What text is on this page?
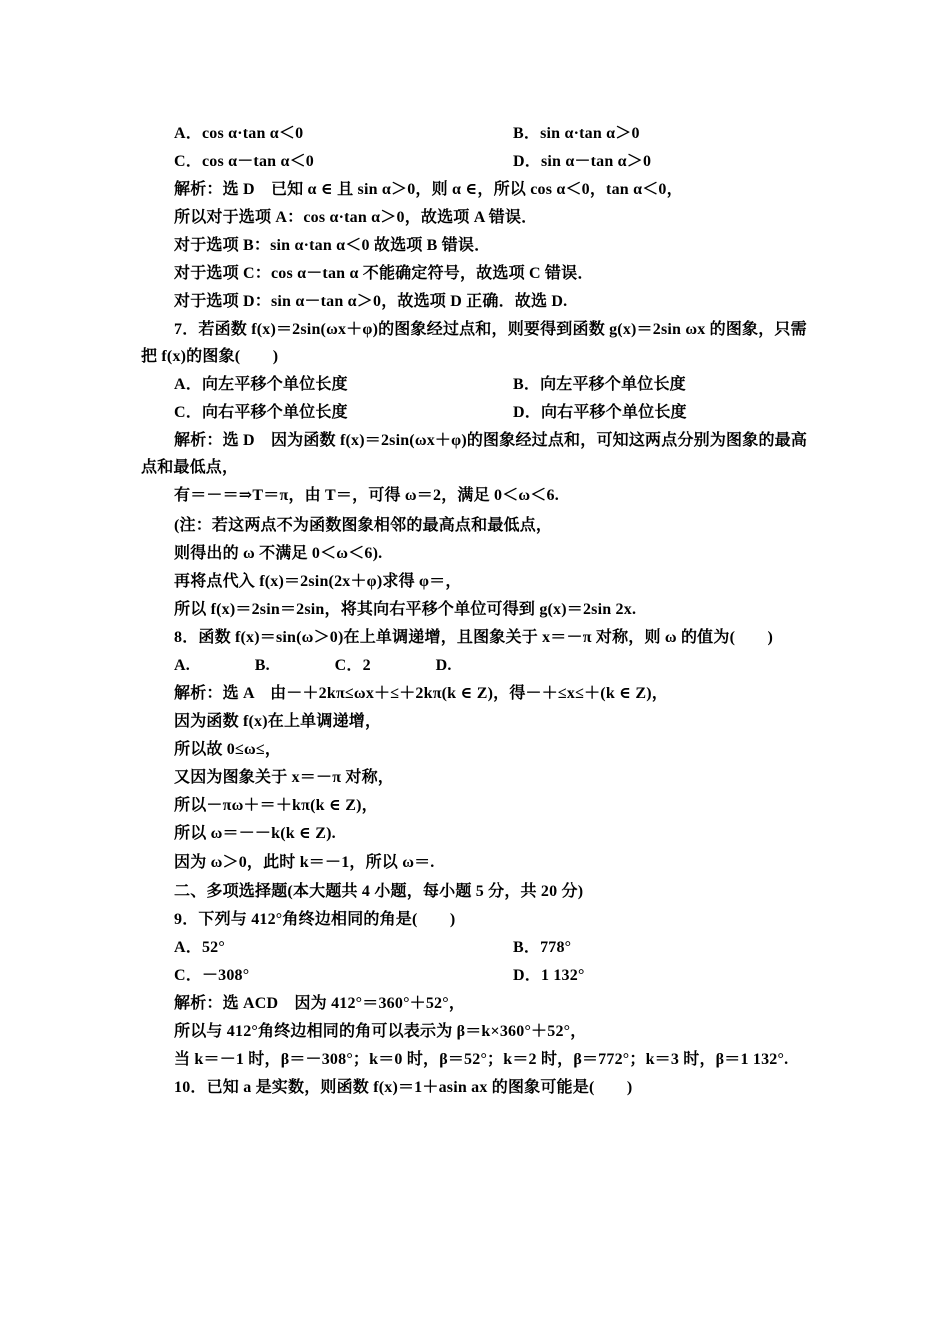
A．cos α·tan α＜0	B．sin α·tan α＞0
C．cos α－tan α＜0	D．sin α－tan α＞0
解析：选 D　已知 α ∈ 且 sin α＞0，则 α ∈，所以 cos α＜0，tan α＜0，
所以对于选项 A：cos α·tan α＞0，故选项 A 错误．
对于选项 B：sin α·tan α＜0 故选项 B 错误．
对于选项 C：cos α－tan α 不能确定符号，故选项 C 错误．
对于选项 D：sin α－tan α＞0，故选项 D 正确．故选 D.
7．若函数 f(x)＝2sin(ωx＋φ)的图象经过点和，则要得到函数 g(x)＝2sin ωx 的图象，只需
把 f(x)的图象(　　)
A．向左平移个单位长度	B．向左平移个单位长度
C．向右平移个单位长度	D．向右平移个单位长度
解析：选 D　因为函数 f(x)＝2sin(ωx＋φ)的图象经过点和，可知这两点分别为图象的最高
点和最低点，
有＝－＝⇒T＝π，由 T＝，可得 ω＝2，满足 0＜ω＜6.
(注：若这两点不为函数图象相邻的最高点和最低点，
则得出的 ω 不满足 0＜ω＜6).
再将点代入 f(x)＝2sin(2x＋φ)求得 φ＝，
所以 f(x)＝2sin＝2sin，将其向右平移个单位可得到 g(x)＝2sin 2x.
8．函数 f(x)＝sin(ω＞0)在上单调递增，且图象关于 x＝－π 对称，则 ω 的值为(　　)
A.　　　　B.　　　　C．2　　　　D.
解析：选 A　由－＋2kπ≤ωx＋≤＋2kπ(k ∈ Z)，得－＋≤x≤＋(k ∈ Z)，
因为函数 f(x)在上单调递增，
所以故 0≤ω≤，
又因为图象关于 x＝－π 对称，
所以－πω＋＝＋kπ(k ∈ Z)，
所以 ω＝－－k(k ∈ Z).
因为 ω＞0，此时 k＝－1，所以 ω＝.
二、多项选择题(本大题共 4 小题，每小题 5 分，共 20 分)
9．下列与 412°角终边相同的角是(　　)
A．52°	B．778°
C．－308°	D．1 132°
解析：选 ACD　因为 412°＝360°＋52°，
所以与 412°角终边相同的角可以表示为 β＝k×360°＋52°，
当 k＝－1 时，β＝－308°；k＝0 时，β＝52°；k＝2 时，β＝772°；k＝3 时，β＝1 132°.
10．已知 a 是实数，则函数 f(x)＝1＋asin ax 的图象可能是(　　)
